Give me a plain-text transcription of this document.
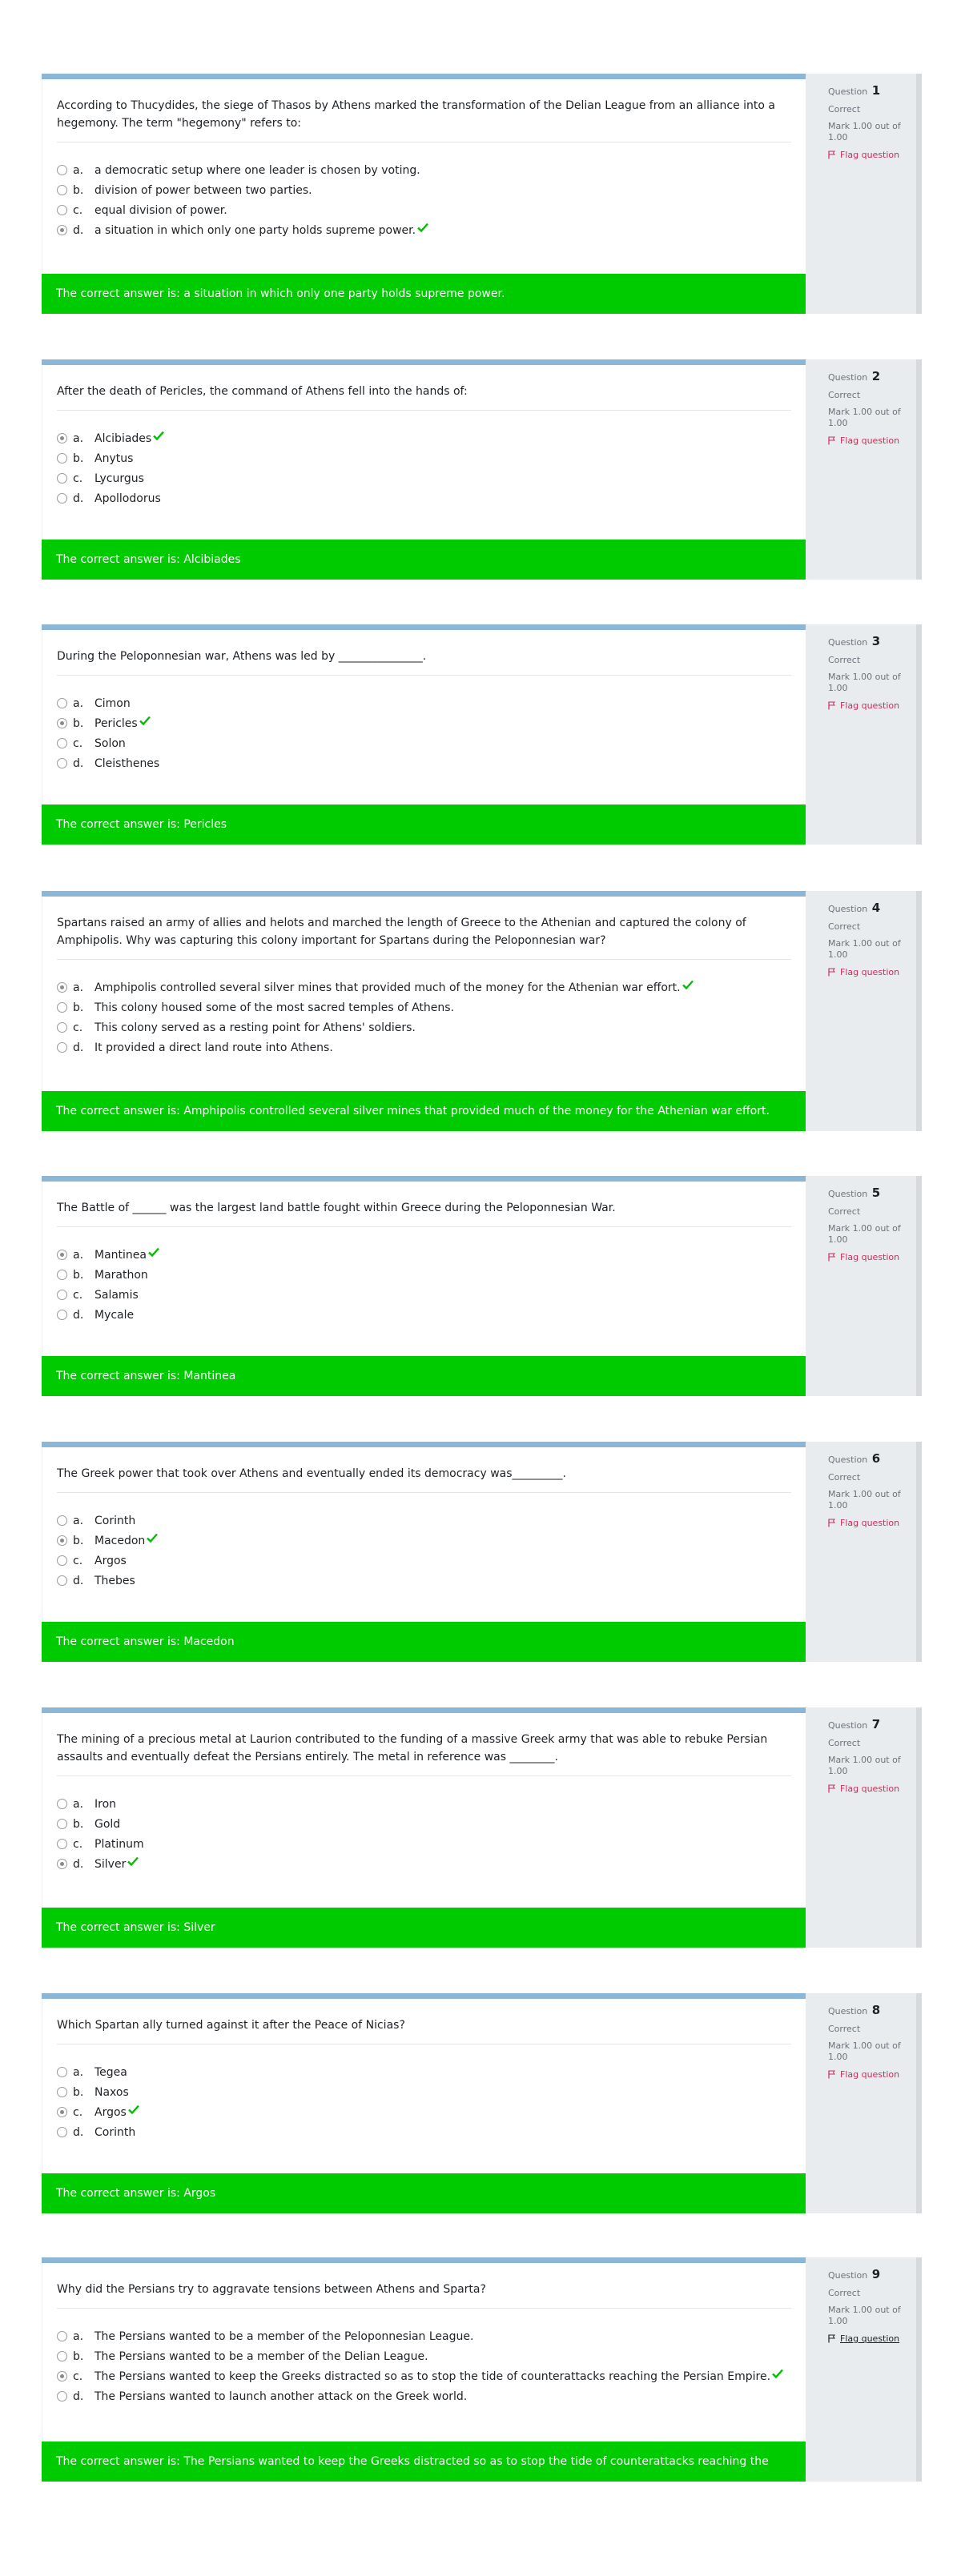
According to Thucydides, the siege of Thasos by Athens marked the transformation of the Delian League from an alliance into a hegemony. The term "hegemony" refers to:
a. a democratic setup where one leader is chosen by voting.
b. division of power between two parties.
c.	equal division of power.
d. a situation in which only one party holds supreme power.
The correct answer is: a situation in which only one party holds supreme power.
Question 1
Correct
Mark 1.00 out of 1.00
Flag question
After the death of Pericles, the command of Athens fell into the hands of:
a. Alcibiades
b. Anytus
c.	Lycurgus
d. Apollodorus
The correct answer is: Alcibiades
Question 2
Correct
Mark 1.00 out of 1.00
Flag question
During the Peloponnesian war, Athens was led by _______________.
a. Cimon
b. Pericles
c.	Solon
d. Cleisthenes
The correct answer is: Pericles
Question 3
Correct
Mark 1.00 out of 1.00
Flag question
Spartans raised an army of allies and helots and marched the length of Greece to the Athenian and captured the colony of Amphipolis. Why was capturing this colony important for Spartans during the Peloponnesian war?
a. Amphipolis controlled several silver mines that provided much of the money for the Athenian war effort.
b. This colony housed some of the most sacred temples of Athens.
c.	This colony served as a resting point for Athens' soldiers.
d. It provided a direct land route into Athens.
The correct answer is: Amphipolis controlled several silver mines that provided much of the money for the Athenian war effort.
Question 4
Correct
Mark 1.00 out of 1.00
Flag question
The Battle of ______ was the largest land battle fought within Greece during the Peloponnesian War.
a. Mantinea
b. Marathon
c.	Salamis
d. Mycale
The correct answer is: Mantinea
Question 5
Correct
Mark 1.00 out of 1.00
Flag question
The Greek power that took over Athens and eventually ended its democracy was_________.
a. Corinth
b. Macedon
c.	Argos
d. Thebes
The correct answer is: Macedon
Question 6
Correct
Mark 1.00 out of 1.00
Flag question
The mining of a precious metal at Laurion contributed to the funding of a massive Greek army that was able to rebuke Persian assaults and eventually defeat the Persians entirely. The metal in reference was ________.
a. Iron
b. Gold
c.	Platinum
d. Silver
The correct answer is: Silver
Question 7
Correct
Mark 1.00 out of 1.00
Flag question
Which Spartan ally turned against it after the Peace of Nicias?
a. Tegea
b. Naxos
c.	Argos
d. Corinth
The correct answer is: Argos
Question 8
Correct
Mark 1.00 out of 1.00
Flag question
Why did the Persians try to aggravate tensions between Athens and Sparta?
a. The Persians wanted to be a member of the Peloponnesian League.
b. The Persians wanted to be a member of the Delian League.
c.	The Persians wanted to keep the Greeks distracted so as to stop the tide of counterattacks reaching the Persian Empire.
d. The Persians wanted to launch another attack on the Greek world.
The correct answer is: The Persians wanted to keep the Greeks distracted so as to stop the tide of counterattacks reaching the Persian Empire.
Question 9
Correct
Mark 1.00 out of 1.00
Flag question
